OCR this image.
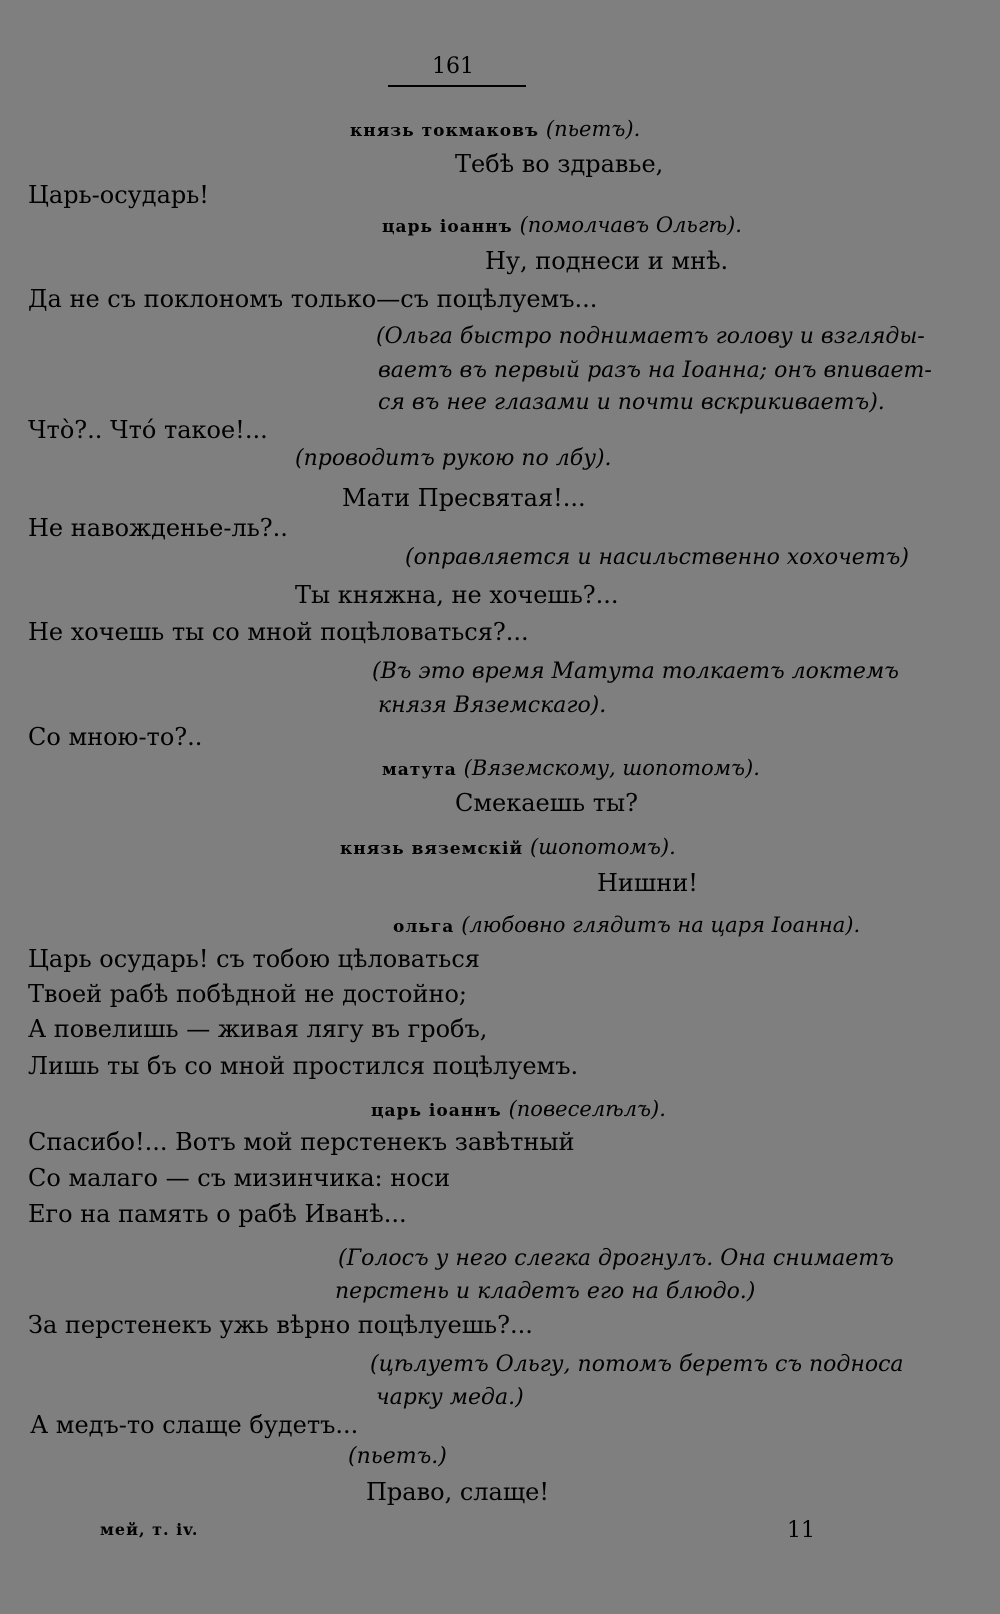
161
князь токмаковъ (пьетъ).
Тебѣ во здравье,
Царь-осударь!
царь іоаннъ (помолчавъ Ольгѣ).
Ну, поднеси и мнѣ.
Да не съ поклономъ только—съ поцѣлуемъ...
(Ольга быстро поднимаетъ голову и взгляды-
ваетъ въ первый разъ на Іоанна; онъ впивает-
ся въ нее глазами и почти вскрикиваетъ).
Что̀?.. Что́ такое!...
(проводитъ рукою по лбу).
Мати Пресвятая!...
Не навожденье-ль?..
(оправляется и насильственно хохочетъ)
Ты княжна, не хочешь?...
Не хочешь ты со мной поцѣловаться?...
(Въ это время Матута толкаетъ локтемъ
князя Вяземскаго).
Со мною-то?..
матута (Вяземскому, шопотомъ).
Смекаешь ты?
князь вяземскій (шопотомъ).
Нишни!
ольга (любовно глядитъ на царя Іоанна).
Царь осударь! съ тобою цѣловаться
Твоей рабѣ побѣдной не достойно;
А повелишь — живая лягу въ гробъ,
Лишь ты бъ со мной простился поцѣлуемъ.
царь іоаннъ (повеселѣлъ).
Спасибо!... Вотъ мой перстенекъ завѣтный
Со малаго — съ мизинчика: носи
Его на память о рабѣ Иванѣ...
(Голосъ у него слегка дрогнулъ. Она снимаетъ
перстень и кладетъ его на блюдо.)
За перстенекъ ужь вѣрно поцѣлуешь?...
(цѣлуетъ Ольгу, потомъ беретъ съ подноса
чарку меда.)
А медъ-то слаще будетъ...
(пьетъ.)
Право, слаще!
мей, т. iv.	11
